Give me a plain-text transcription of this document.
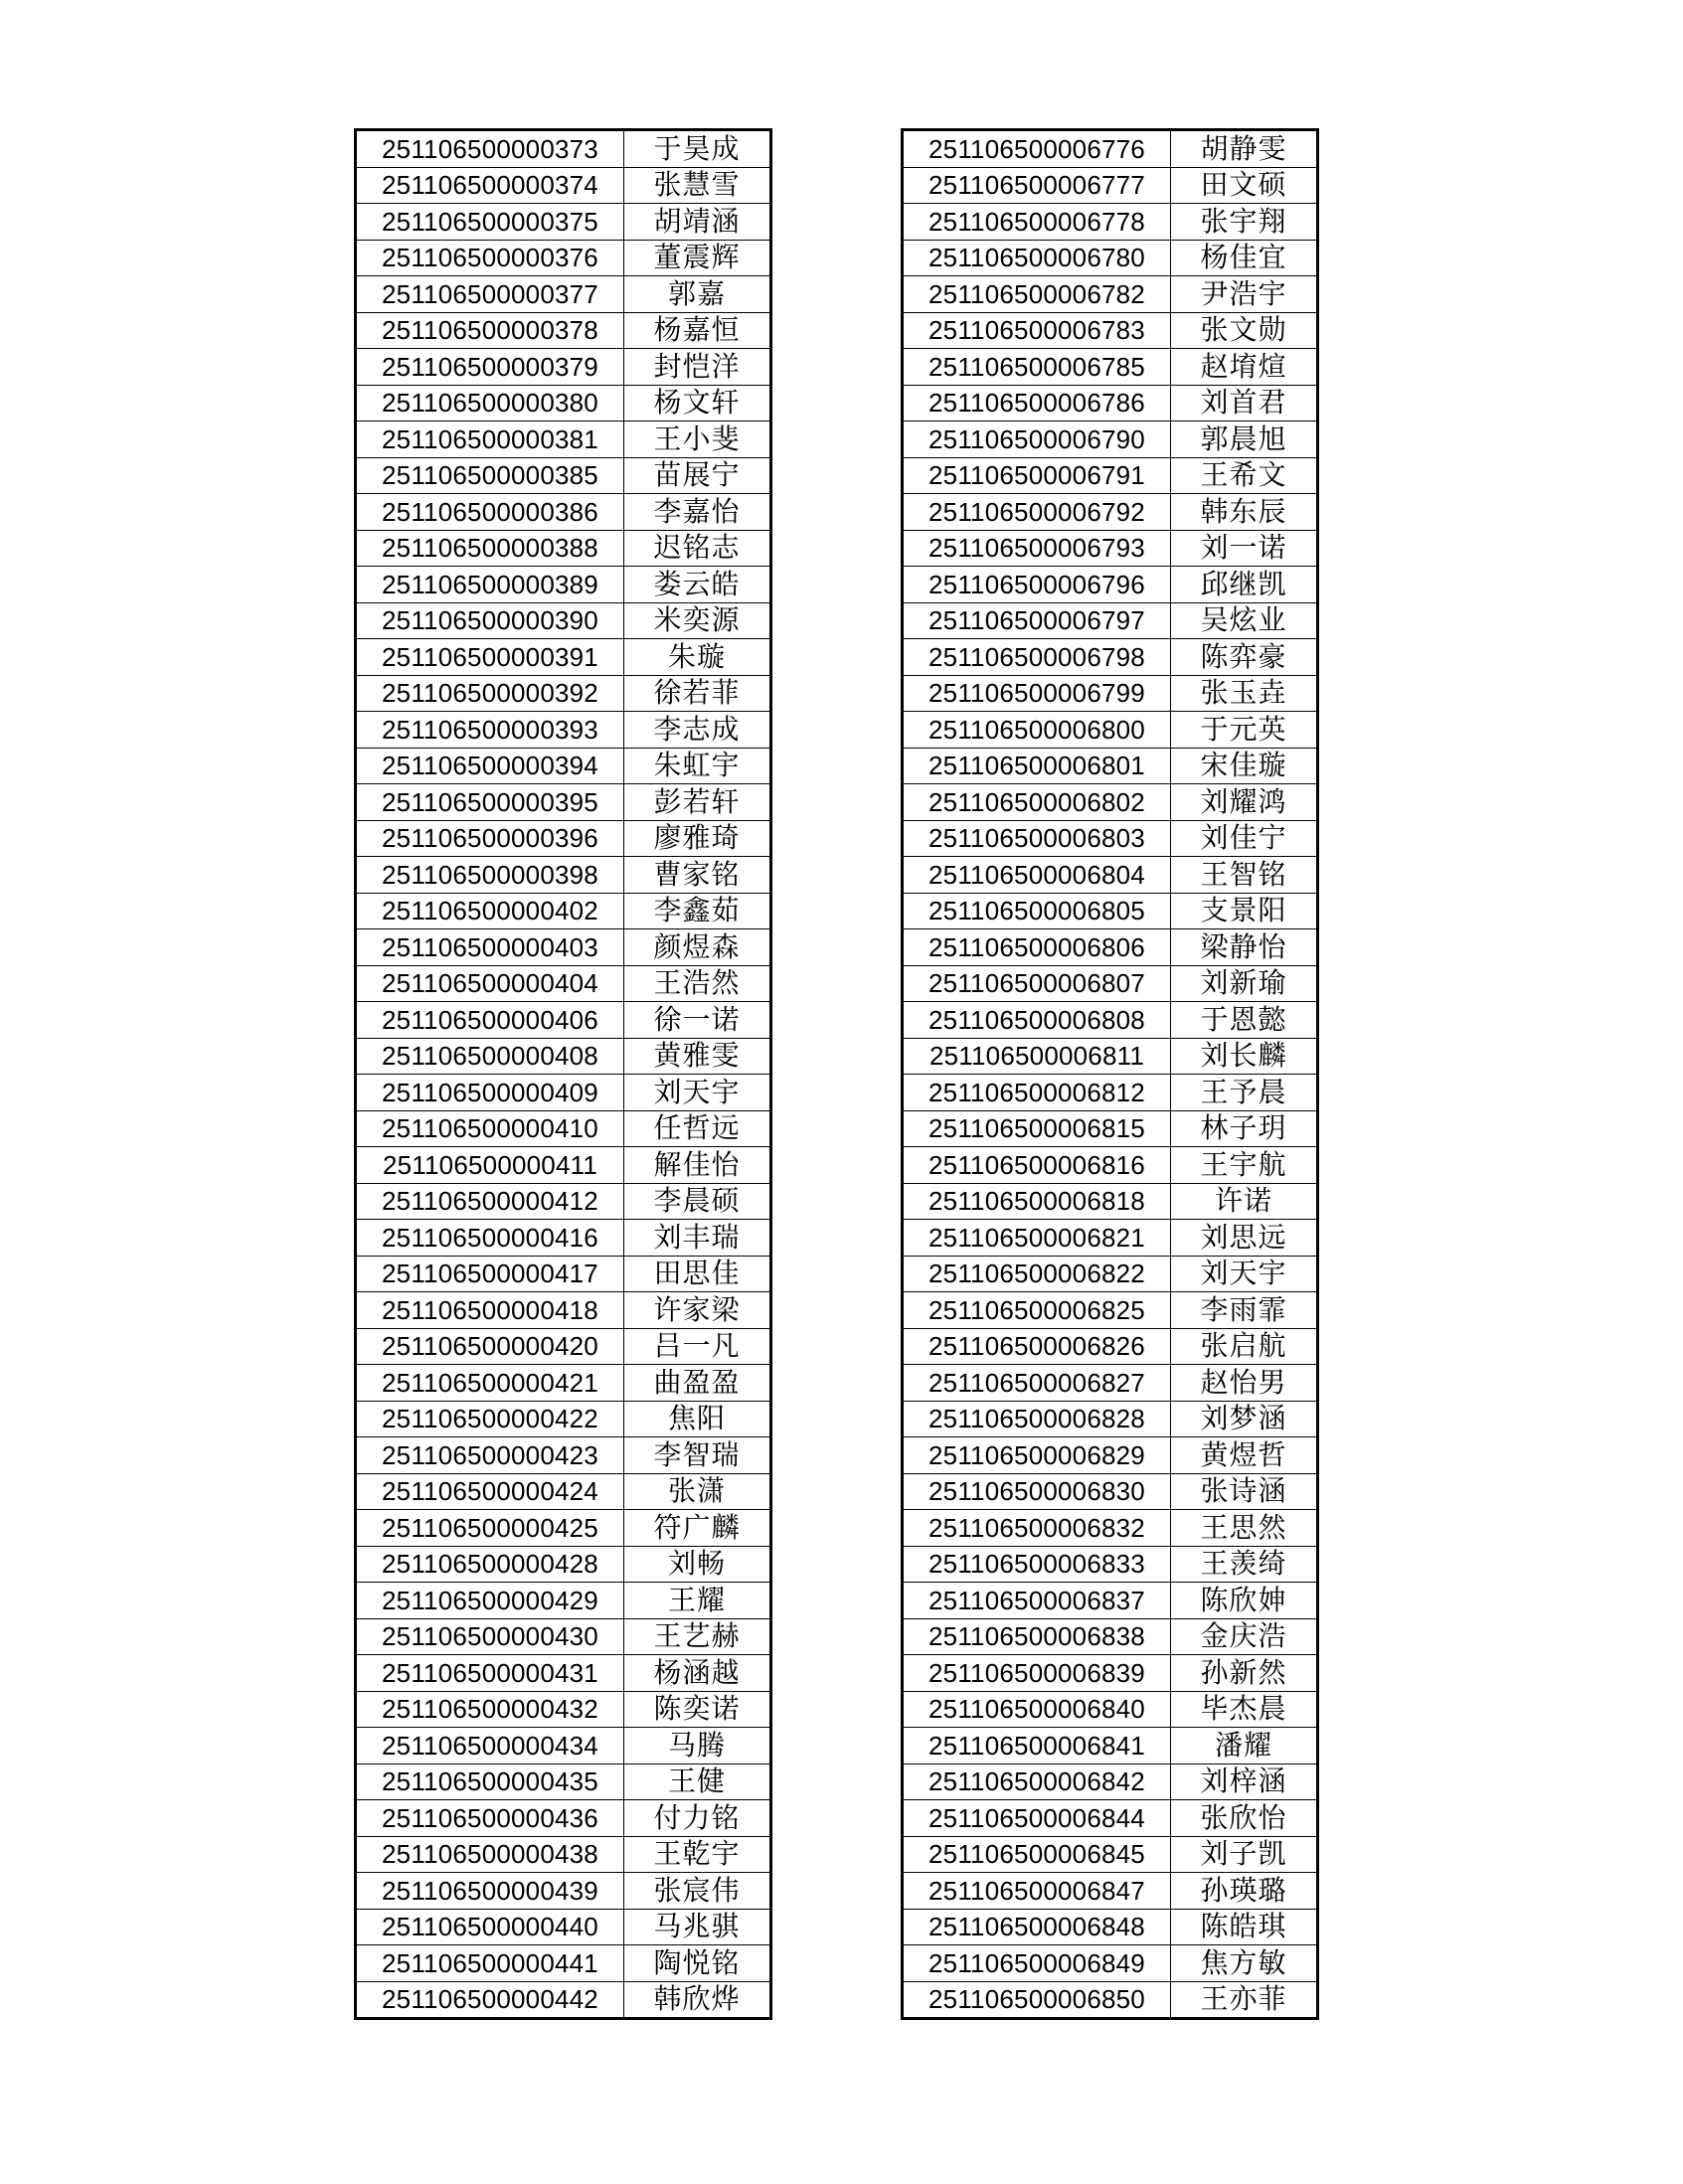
251106500000373	于昊成
251106500000374	张慧雪
251106500000375	胡靖涵
251106500000376	董震辉
251106500000377	郭嘉
251106500000378	杨嘉恒
251106500000379	封恺洋
251106500000380	杨文轩
251106500000381	王小斐
251106500000385	苗展宁
251106500000386	李嘉怡
251106500000388	迟铭志
251106500000389	娄云皓
251106500000390	米奕源
251106500000391	朱璇
251106500000392	徐若菲
251106500000393	李志成
251106500000394	朱虹宇
251106500000395	彭若轩
251106500000396	廖雅琦
251106500000398	曹家铭
251106500000402	李鑫茹
251106500000403	颜煜森
251106500000404	王浩然
251106500000406	徐一诺
251106500000408	黄雅雯
251106500000409	刘天宇
251106500000410	任哲远
251106500000411	解佳怡
251106500000412	李晨硕
251106500000416	刘丰瑞
251106500000417	田思佳
251106500000418	许家梁
251106500000420	吕一凡
251106500000421	曲盈盈
251106500000422	焦阳
251106500000423	李智瑞
251106500000424	张潇
251106500000425	符广麟
251106500000428	刘畅
251106500000429	王耀
251106500000430	王艺赫
251106500000431	杨涵越
251106500000432	陈奕诺
251106500000434	马腾
251106500000435	王健
251106500000436	付力铭
251106500000438	王乾宇
251106500000439	张宸伟
251106500000440	马兆骐
251106500000441	陶悦铭
251106500000442	韩欣烨
251106500006776	胡静雯
251106500006777	田文硕
251106500006778	张宇翔
251106500006780	杨佳宜
251106500006782	尹浩宇
251106500006783	张文勋
251106500006785	赵堉煊
251106500006786	刘首君
251106500006790	郭晨旭
251106500006791	王希文
251106500006792	韩东辰
251106500006793	刘一诺
251106500006796	邱继凯
251106500006797	吴炫业
251106500006798	陈弈豪
251106500006799	张玉垚
251106500006800	于元英
251106500006801	宋佳璇
251106500006802	刘耀鸿
251106500006803	刘佳宁
251106500006804	王智铭
251106500006805	支景阳
251106500006806	梁静怡
251106500006807	刘新瑜
251106500006808	于恩懿
251106500006811	刘长麟
251106500006812	王予晨
251106500006815	林子玥
251106500006816	王宇航
251106500006818	许诺
251106500006821	刘思远
251106500006822	刘天宇
251106500006825	李雨霏
251106500006826	张启航
251106500006827	赵怡男
251106500006828	刘梦涵
251106500006829	黄煜哲
251106500006830	张诗涵
251106500006832	王思然
251106500006833	王羡绮
251106500006837	陈欣妽
251106500006838	金庆浩
251106500006839	孙新然
251106500006840	毕杰晨
251106500006841	潘耀
251106500006842	刘梓涵
251106500006844	张欣怡
251106500006845	刘子凯
251106500006847	孙瑛璐
251106500006848	陈皓琪
251106500006849	焦方敏
251106500006850	王亦菲
